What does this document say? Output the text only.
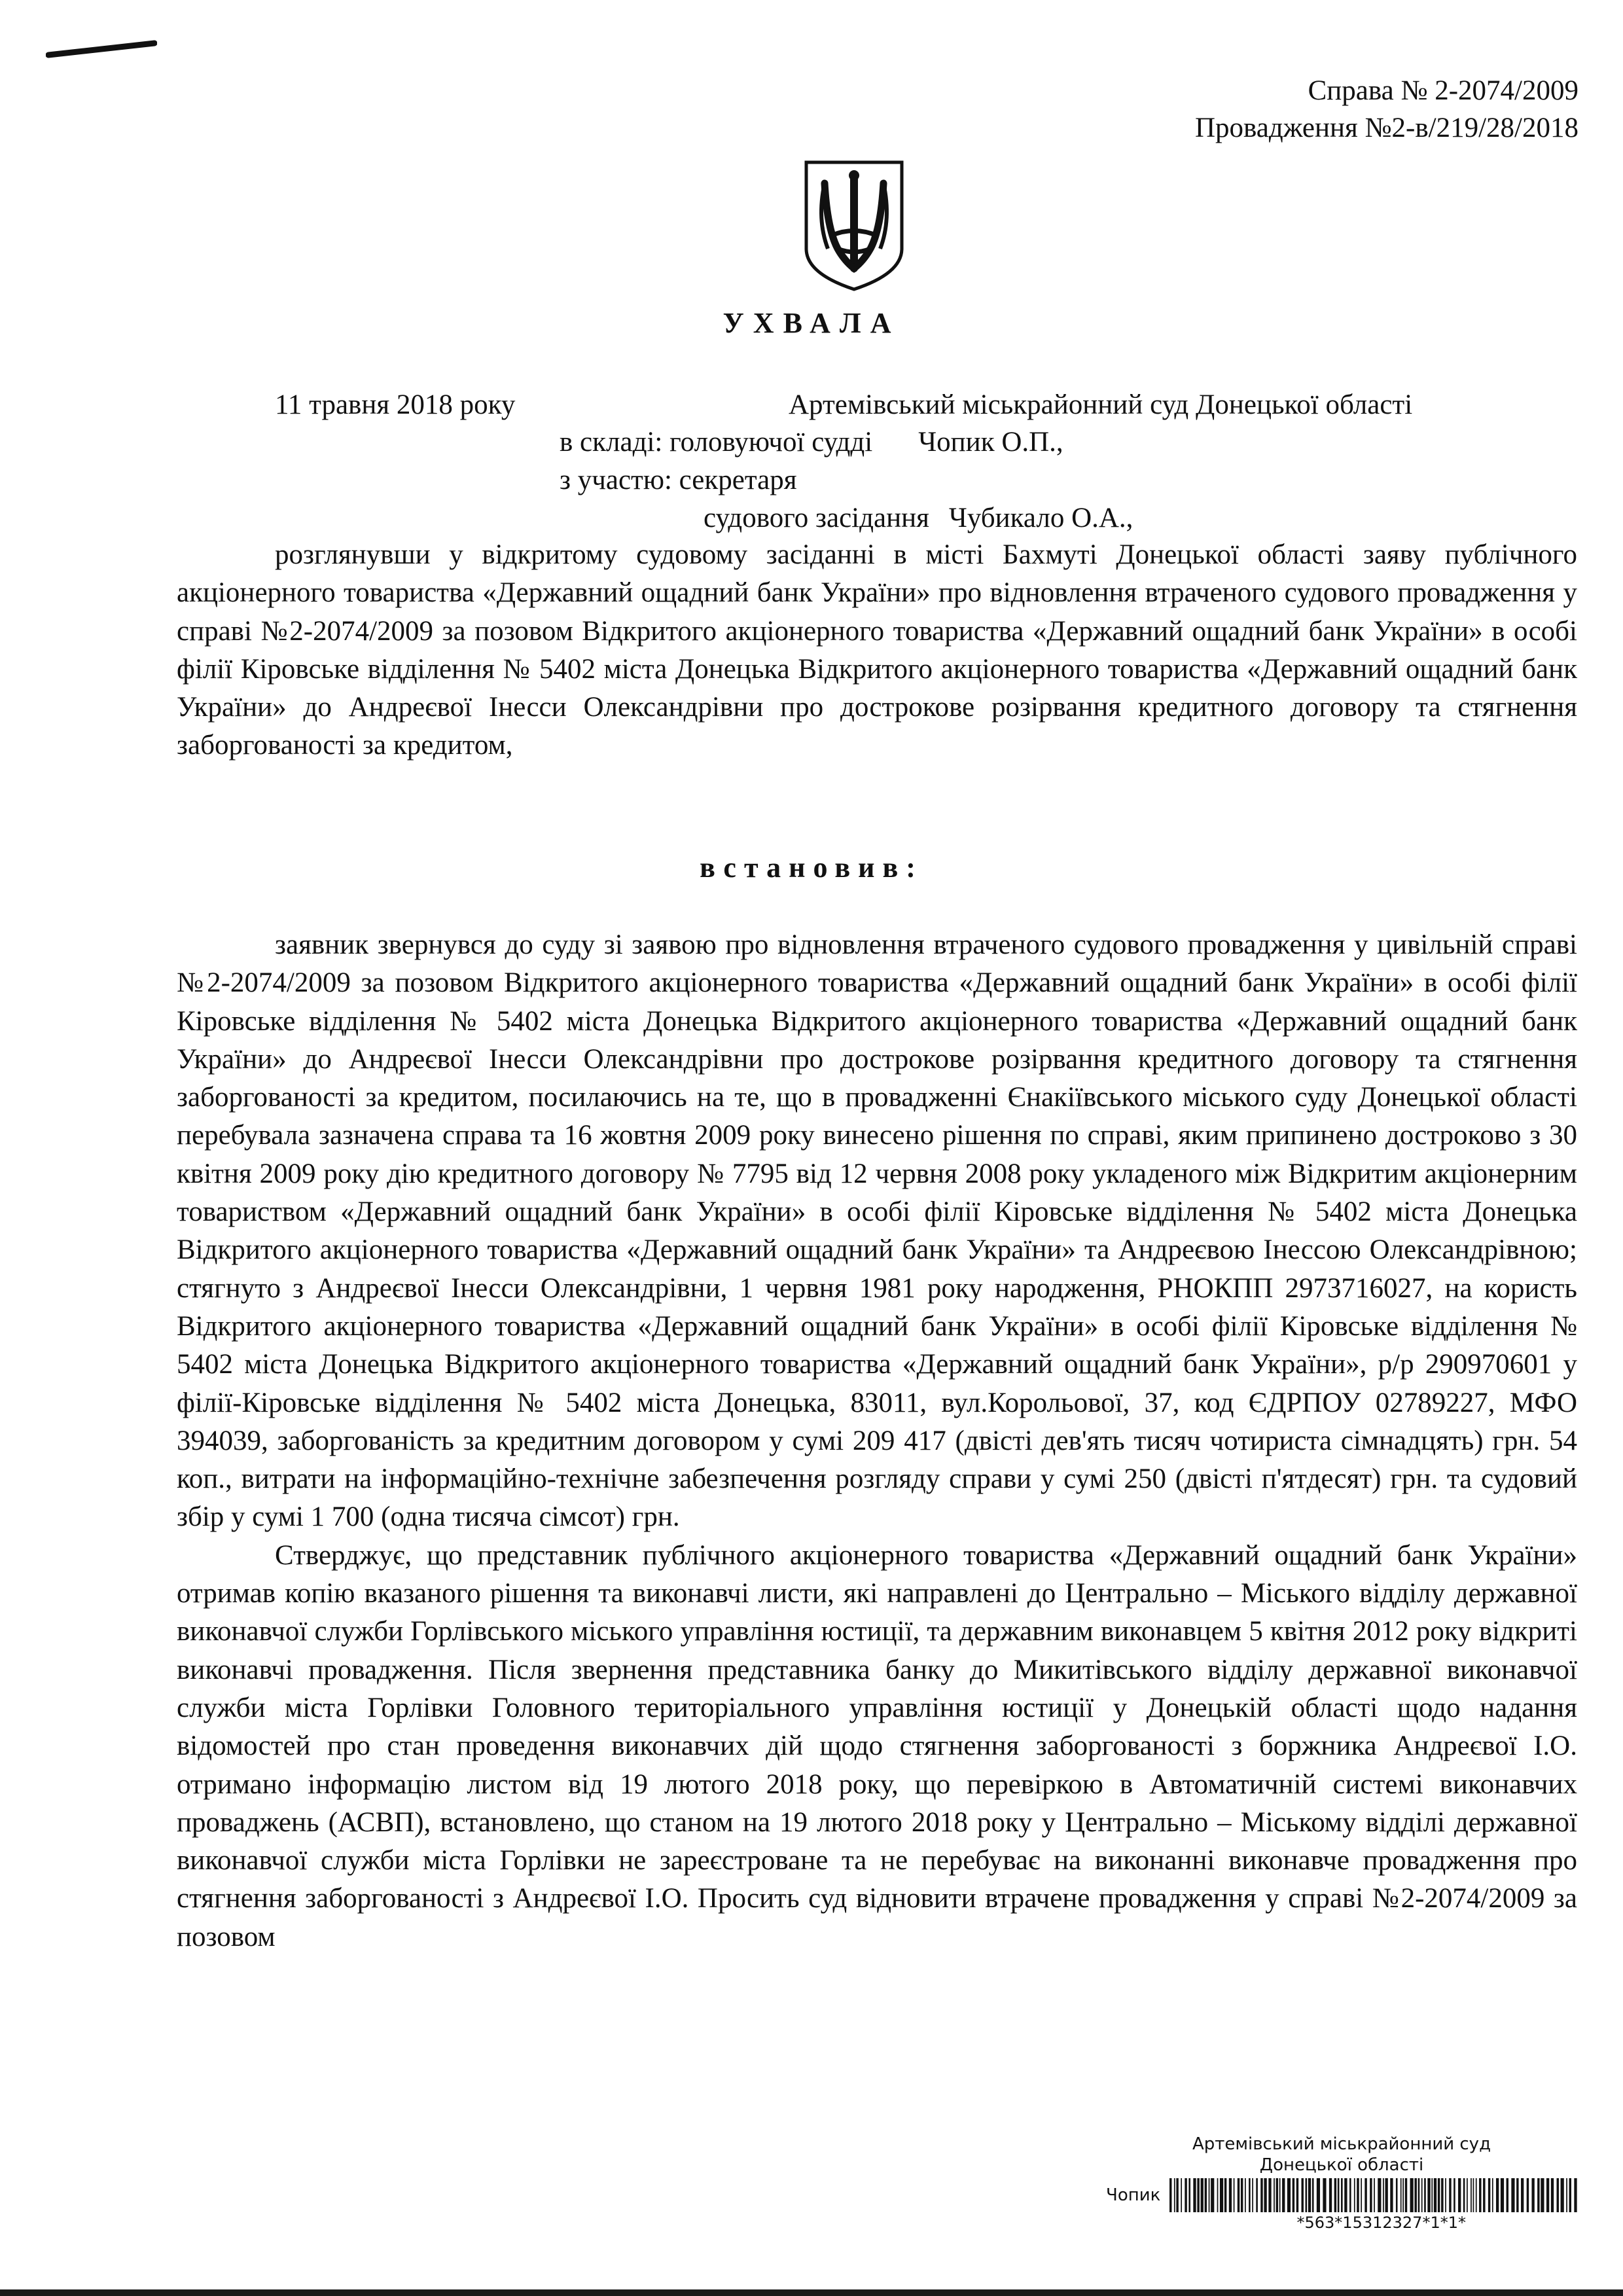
Справа № 2-2074/2009
Провадження №2-в/219/28/2018
УХВАЛА
11 травня 2018 року	Артемівський міськрайонний суд Донецької області
в складі: головуючої судді Чопик О.П.,
з участю: секретаря
судового засідання Чубикало О.А.,

розглянувши у відкритому судовому засіданні в місті Бахмуті Донецької області заяву публічного акціонерного товариства «Державний ощадний банк України» про відновлення втраченого судового провадження у справі №2-2074/2009 за позовом Відкритого акціонерного товариства «Державний ощадний банк України» в особі філії Кіровське відділення № 5402 міста Донецька Відкритого акціонерного товариства «Державний ощадний банк України» до Андреєвої Інесси Олександрівни про дострокове розірвання кредитного договору та стягнення заборгованості за кредитом,

встановив:

заявник звернувся до суду зі заявою про відновлення втраченого судового провадження у цивільній справі №2-2074/2009 за позовом Відкритого акціонерного товариства «Державний ощадний банк України» в особі філії Кіровське відділення № 5402 міста Донецька Відкритого акціонерного товариства «Державний ощадний банк України» до Андреєвої Інесси Олександрівни про дострокове розірвання кредитного договору та стягнення заборгованості за кредитом, посилаючись на те, що в провадженні Єнакіївського міського суду Донецької області перебувала зазначена справа та 16 жовтня 2009 року винесено рішення по справі, яким припинено достроково з 30 квітня 2009 року дію кредитного договору № 7795 від 12 червня 2008 року укладеного між Відкритим акціонерним товариством «Державний ощадний банк України» в особі філії Кіровське відділення № 5402 міста Донецька Відкритого акціонерного товариства «Державний ощадний банк України» та Андреєвою Інессою Олександрівною; стягнуто з Андреєвої Інесси Олександрівни, 1 червня 1981 року народження, РНОКПП 2973716027, на користь Відкритого акціонерного товариства «Державний ощадний банк України» в особі філії Кіровське відділення № 5402 міста Донецька Відкритого акціонерного товариства «Державний ощадний банк України», р/р 290970601 у філії-Кіровське відділення № 5402 міста Донецька, 83011, вул.Корольової, 37, код ЄДРПОУ 02789227, МФО 394039, заборгованість за кредитним договором у сумі 209 417 (двісті дев'ять тисяч чотириста сімнадцять) грн. 54 коп., витрати на інформаційно-технічне забезпечення розгляду справи у сумі 250 (двісті п'ятдесят) грн. та судовий збір у сумі 1 700 (одна тисяча сімсот) грн.

Стверджує, що представник публічного акціонерного товариства «Державний ощадний банк України» отримав копію вказаного рішення та виконавчі листи, які направлені до Центрально – Міського відділу державної виконавчої служби Горлівського міського управління юстиції, та державним виконавцем 5 квітня 2012 року відкриті виконавчі провадження. Після звернення представника банку до Микитівського відділу державної виконавчої служби міста Горлівки Головного територіального управління юстиції у Донецькій області щодо надання відомостей про стан проведення виконавчих дій щодо стягнення заборгованості з боржника Андреєвої І.О. отримано інформацію листом від 19 лютого 2018 року, що перевіркою в Автоматичній системі виконавчих проваджень (АСВП), встановлено, що станом на 19 лютого 2018 року у Центрально – Міському відділі державної виконавчої служби міста Горлівки не зареєстроване та не перебуває на виконанні виконавче провадження про стягнення заборгованості з Андреєвої І.О. Просить суд відновити втрачене провадження у справі №2-2074/2009 за позовом

Артемівський міськрайонний суд
Донецької області
Чопик
*563*15312327*1*1*
